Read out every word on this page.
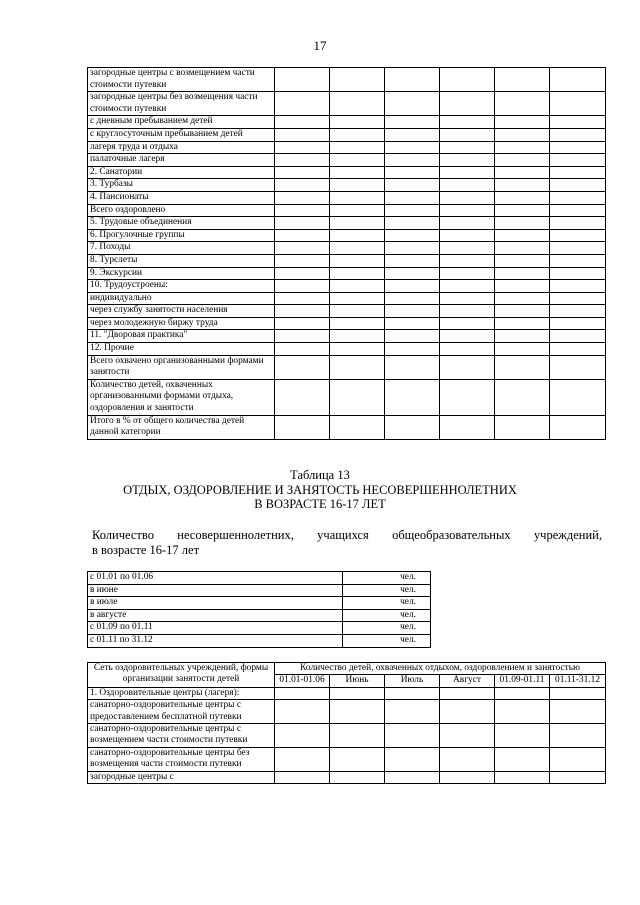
17
загородные центры с возмещением части стоимости путевки						
загородные центры без возмещения части стоимости путевки						
с дневным пребыванием детей						
с круглосуточным пребыванием детей						
лагеря труда и отдыха						
палаточные лагеря						
2. Санатории						
3. Турбазы						
4. Пансионаты						
Всего оздоровлено						
5. Трудовые объединения						
6. Прогулочные группы						
7. Походы						
8. Турслеты						
9. Экскурсии						
10. Трудоустроены:						
индивидуально						
через службу занятости населения						
через молодежную биржу труда						
11. "Дворовая практика"						
12. Прочие						
Всего охвачено организованными формами занятости						
Количество детей, охваченных организованными формами отдыха, оздоровления и занятости						
Итого в % от общего количества детей данной категории						
Таблица 13
ОТДЫХ, ОЗДОРОВЛЕНИЕ И ЗАНЯТОСТЬ НЕСОВЕРШЕННОЛЕТНИХ
В ВОЗРАСТЕ 16-17 ЛЕТ
Количество несовершеннолетних, учащихся общеобразовательных учреждений,
в возрасте 16-17 лет
с 01.01 по 01.06	чел.
в июне	чел.
в июле	чел.
в августе	чел.
с 01.09 по 01.11	чел.
с 01.11 по 31.12	чел.
Сеть оздоровительных учреждений, формы организации занятости детей	Количество детей, охваченных отдыхом, оздоровлением и занятостью					
	01.01-01.06	Июнь	Июль	Август	01.09-01.11	01.11-31.12
1. Оздоровительные центры (лагеря):						
санаторно-оздоровительные центры с предоставлением бесплатной путевки						
санаторно-оздоровительные центры с возмещением части стоимости путевки						
санаторно-оздоровительные центры без возмещения части стоимости путевки						
загородные центры с						
